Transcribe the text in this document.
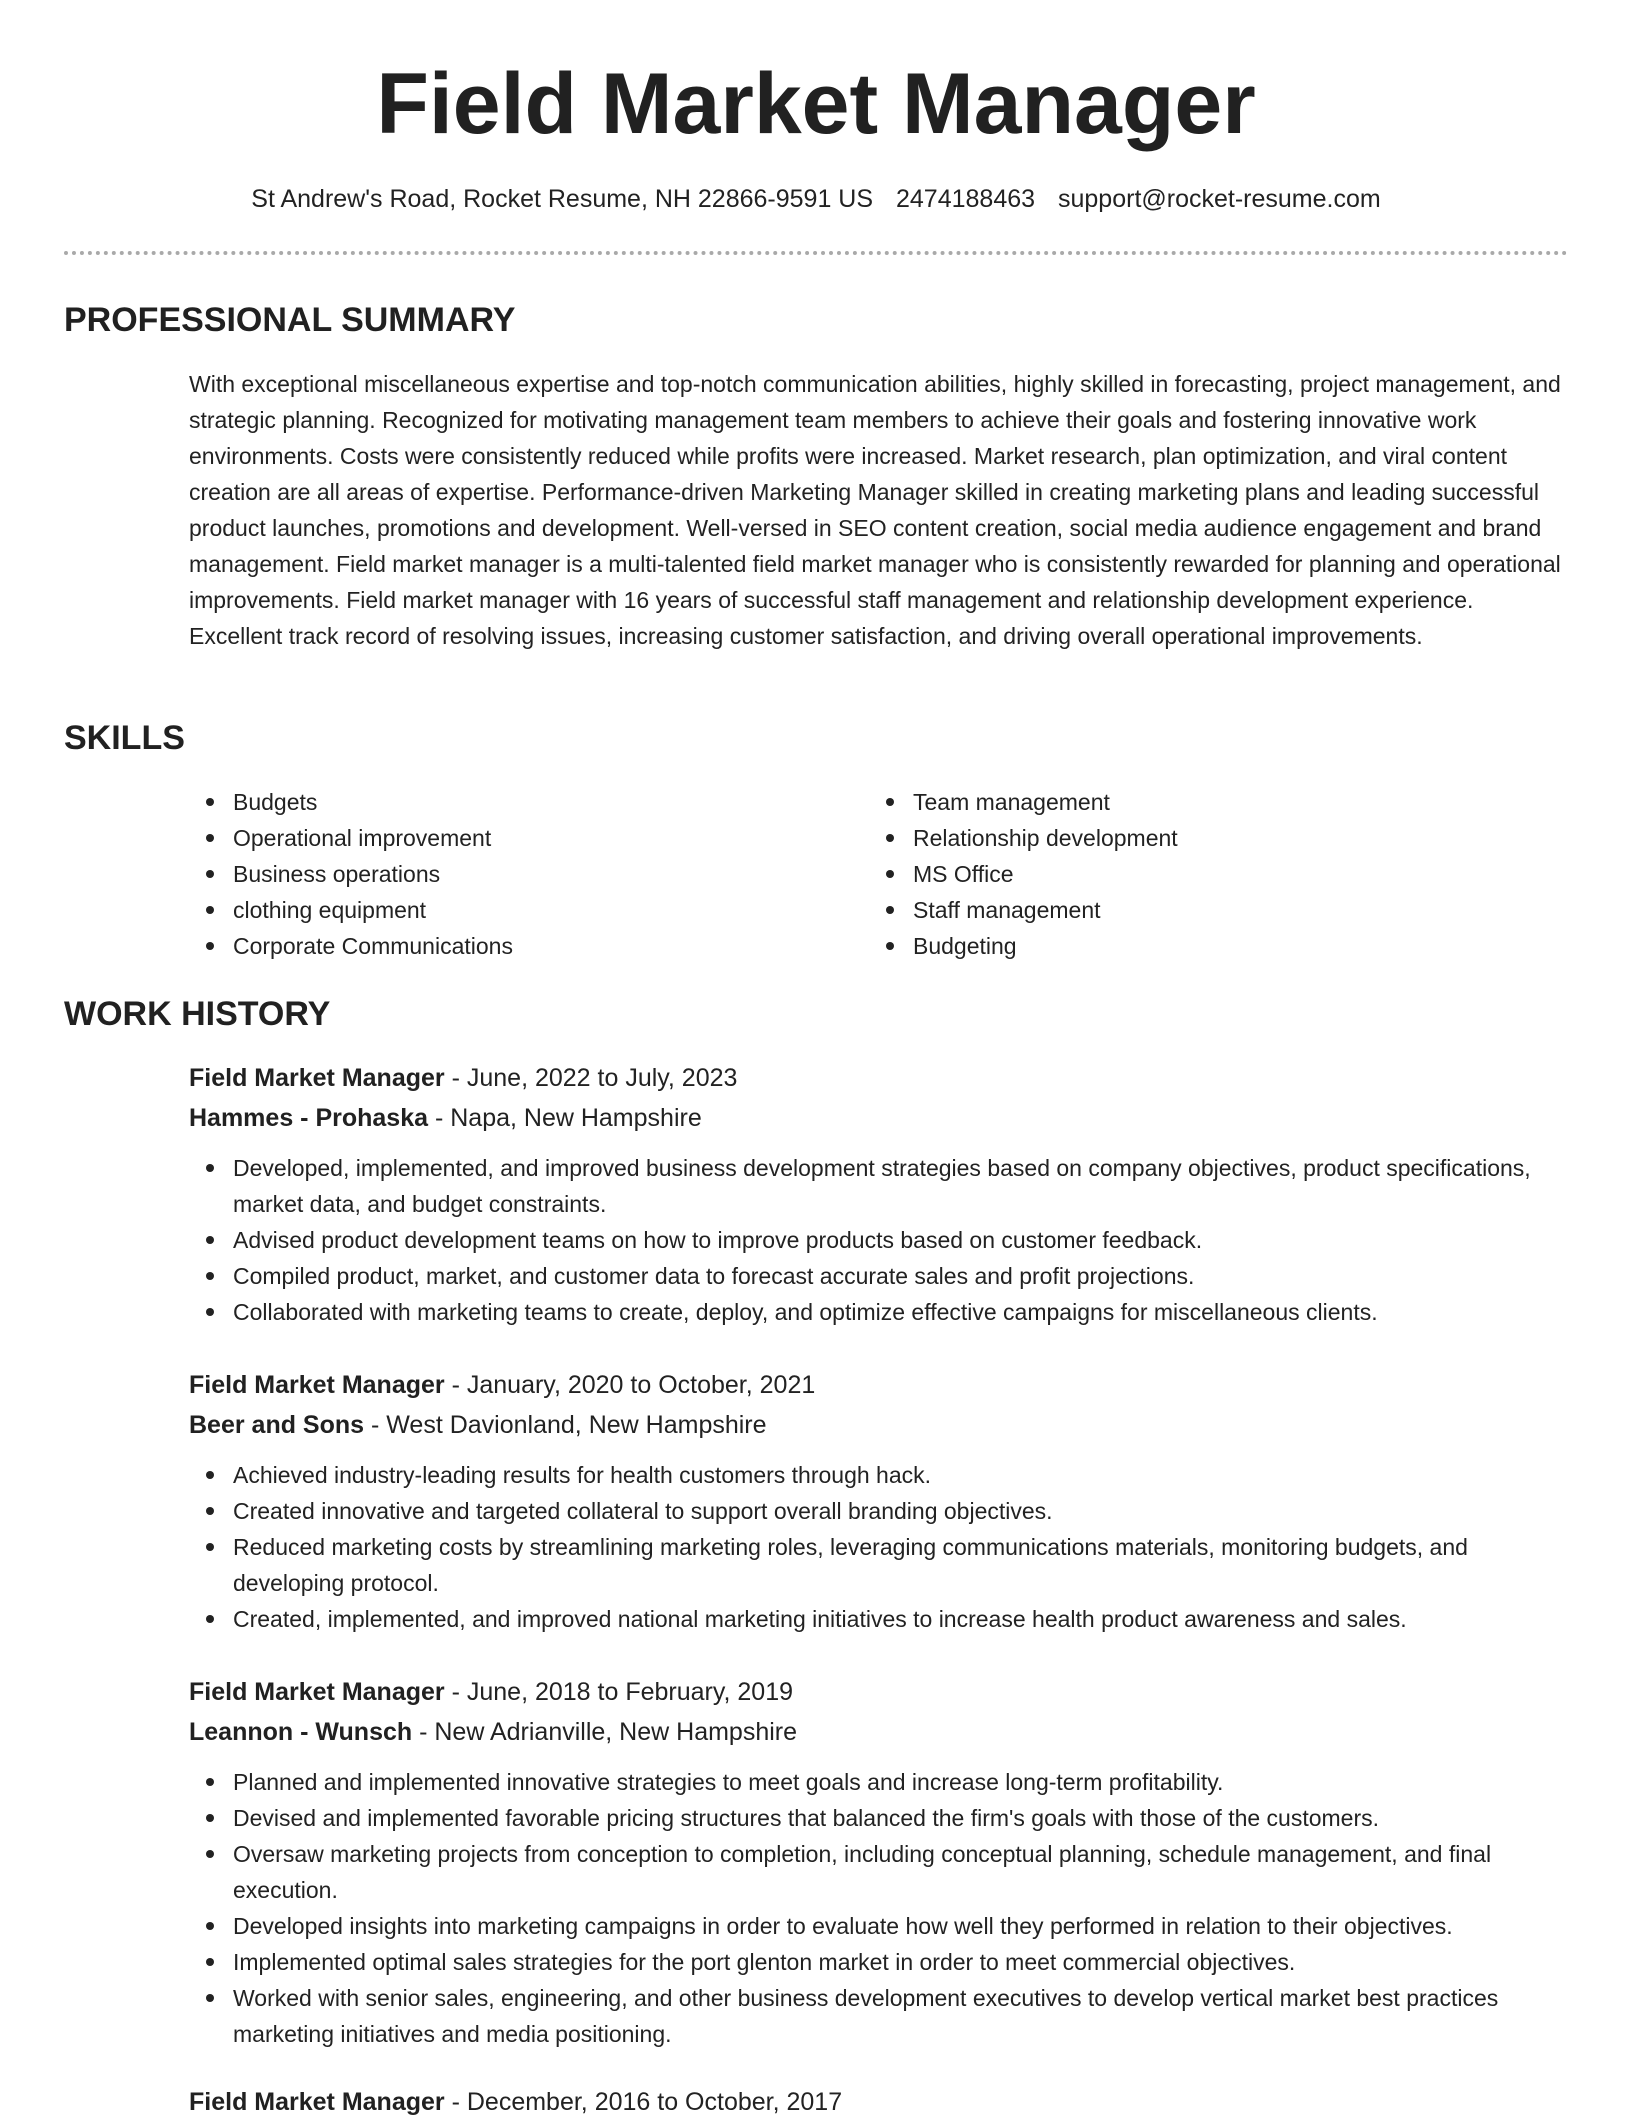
Field Market Manager
St Andrew's Road, Rocket Resume, NH 22866-9591 US 2474188463 support@rocket-resume.com
PROFESSIONAL SUMMARY

With exceptional miscellaneous expertise and top-notch communication abilities, highly skilled in forecasting, project management, and strategic planning. Recognized for motivating management team members to achieve their goals and fostering innovative work environments. Costs were consistently reduced while profits were increased. Market research, plan optimization, and viral content creation are all areas of expertise. Performance-driven Marketing Manager skilled in creating marketing plans and leading successful product launches, promotions and development. Well-versed in SEO content creation, social media audience engagement and brand management. Field market manager is a multi-talented field market manager who is consistently rewarded for planning and operational improvements. Field market manager with 16 years of successful staff management and relationship development experience. Excellent track record of resolving issues, increasing customer satisfaction, and driving overall operational improvements.

SKILLS
Budgets
Operational improvement
Business operations
clothing equipment
Corporate Communications
Team management
Relationship development
MS Office
Staff management
Budgeting
WORK HISTORY
Field Market Manager - June, 2022 to July, 2023
Hammes - Prohaska - Napa, New Hampshire
Developed, implemented, and improved business development strategies based on company objectives, product specifications, market data, and budget constraints.
Advised product development teams on how to improve products based on customer feedback.
Compiled product, market, and customer data to forecast accurate sales and profit projections.
Collaborated with marketing teams to create, deploy, and optimize effective campaigns for miscellaneous clients.
Field Market Manager - January, 2020 to October, 2021
Beer and Sons - West Davionland, New Hampshire
Achieved industry-leading results for health customers through hack.
Created innovative and targeted collateral to support overall branding objectives.
Reduced marketing costs by streamlining marketing roles, leveraging communications materials, monitoring budgets, and developing protocol.
Created, implemented, and improved national marketing initiatives to increase health product awareness and sales.
Field Market Manager - June, 2018 to February, 2019
Leannon - Wunsch - New Adrianville, New Hampshire
Planned and implemented innovative strategies to meet goals and increase long-term profitability.
Devised and implemented favorable pricing structures that balanced the firm's goals with those of the customers.
Oversaw marketing projects from conception to completion, including conceptual planning, schedule management, and final execution.
Developed insights into marketing campaigns in order to evaluate how well they performed in relation to their objectives.
Implemented optimal sales strategies for the port glenton market in order to meet commercial objectives.
Worked with senior sales, engineering, and other business development executives to develop vertical market best practices marketing initiatives and media positioning.
Field Market Manager - December, 2016 to October, 2017
